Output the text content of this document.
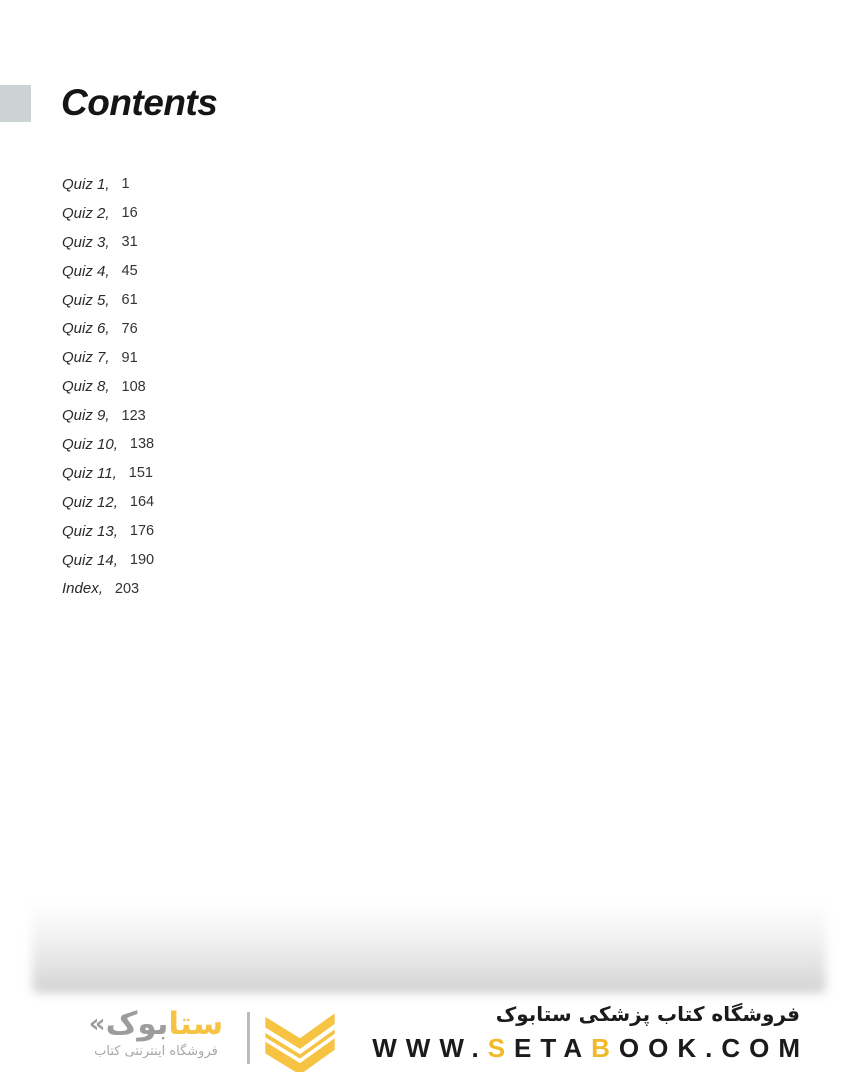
Contents
Quiz 1, 1
Quiz 2, 16
Quiz 3, 31
Quiz 4, 45
Quiz 5, 61
Quiz 6, 76
Quiz 7, 91
Quiz 8, 108
Quiz 9, 123
Quiz 10, 138
Quiz 11, 151
Quiz 12, 164
Quiz 13, 176
Quiz 14, 190
Index, 203
ستابوک«
فروشگاه اینترنتی کتاب
فروشگاه کتاب پزشکی ستابوک
WWW.SETABOOK.COM
